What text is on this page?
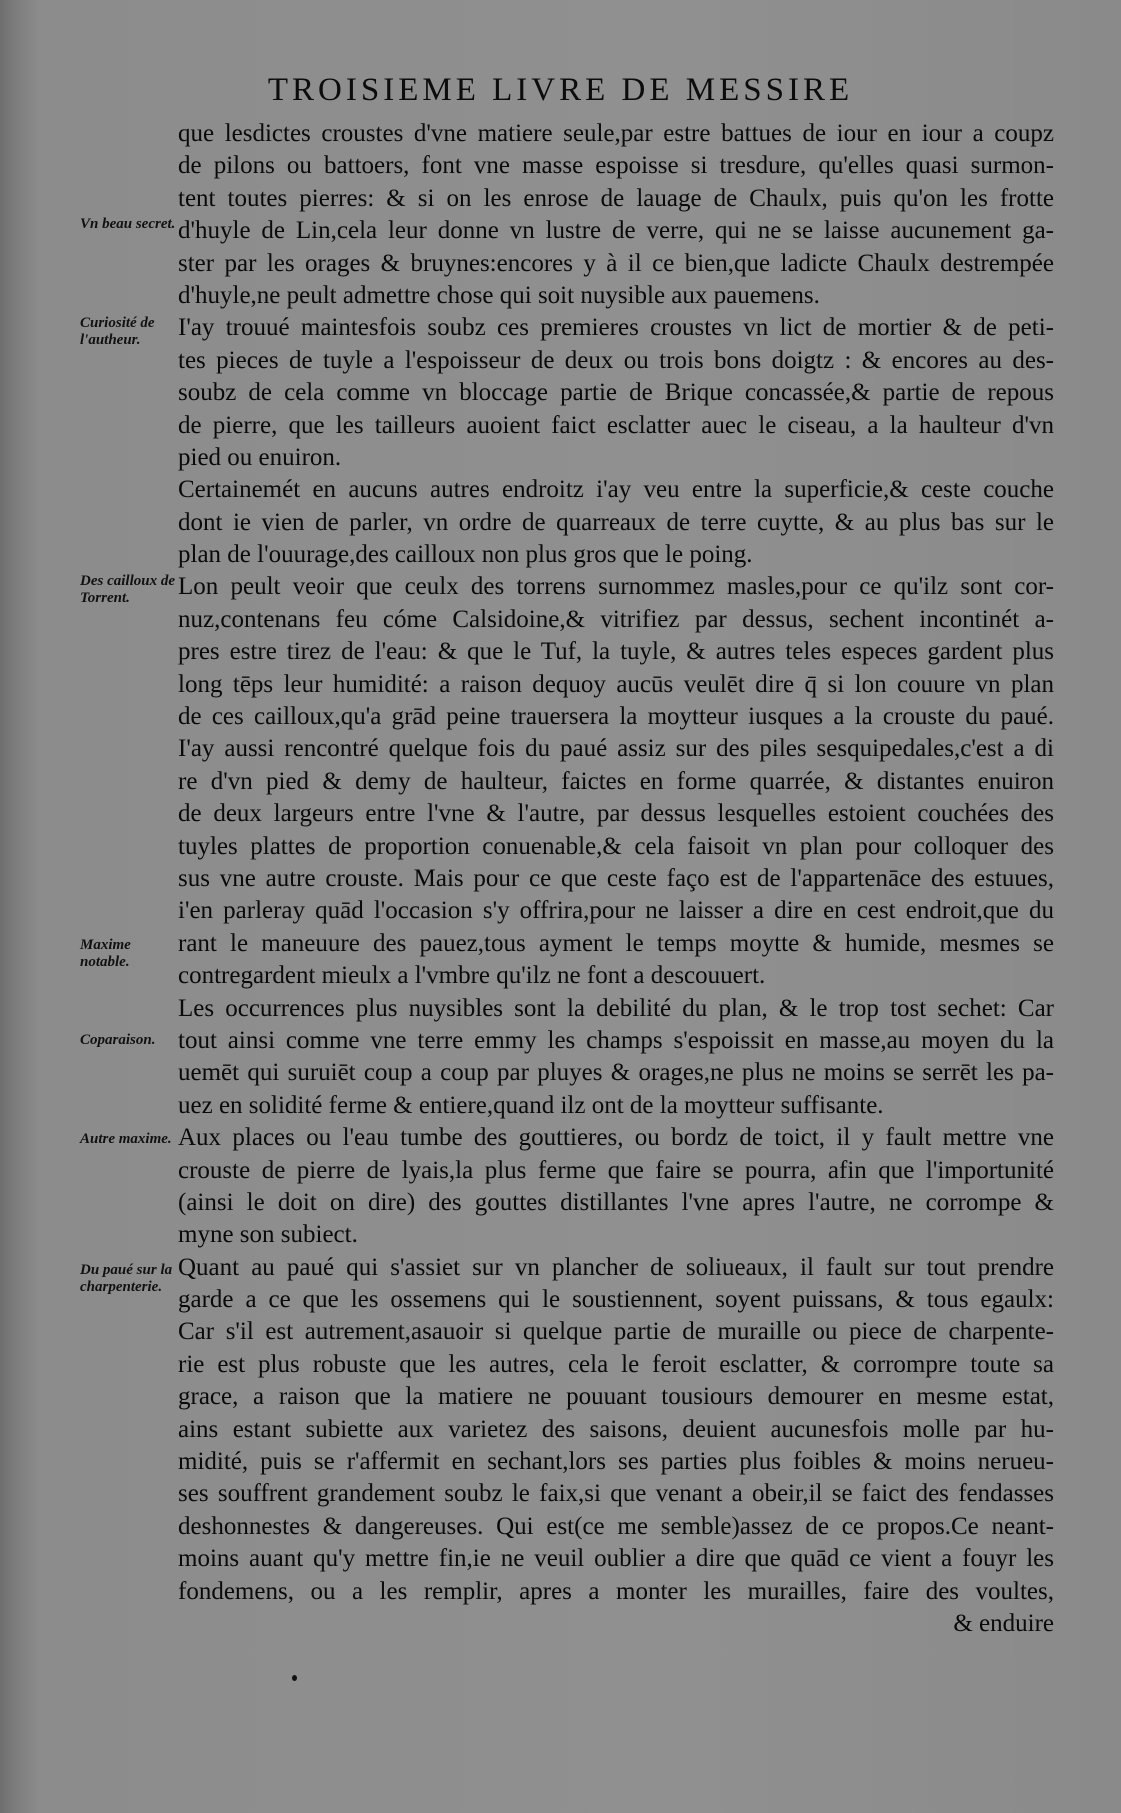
TROISIEME LIVRE DE MESSIRE
Vn beau secret.
Curiosité de l'autheur.
Des cailloux de Torrent.
Maxime notable.
Coparaison.
Autre maxime.
Du paué sur la charpenterie.
que lesdictes croustes d'vne matiere seule,par estre battues de iour en iour a coupz
de pilons ou battoers, font vne masse espoisse si tresdure, qu'elles quasi surmon-
tent toutes pierres: & si on les enrose de lauage de Chaulx, puis qu'on les frotte
d'huyle de Lin,cela leur donne vn lustre de verre, qui ne se laisse aucunement ga-
ster par les orages & bruynes:encores y à il ce bien,que ladicte Chaulx destrempée
d'huyle,ne peult admettre chose qui soit nuysible aux pauemens.
I'ay trouué maintesfois soubz ces premieres croustes vn lict de mortier & de peti-
tes pieces de tuyle a l'espoisseur de deux ou trois bons doigtz : & encores au des-
soubz de cela comme vn bloccage partie de Brique concassée,& partie de repous
de pierre, que les tailleurs auoient faict esclatter auec le ciseau, a la haulteur d'vn
pied ou enuiron.
Certainemét en aucuns autres endroitz i'ay veu entre la superficie,& ceste couche
dont ie vien de parler, vn ordre de quarreaux de terre cuytte, & au plus bas sur le
plan de l'ouurage,des cailloux non plus gros que le poing.
Lon peult veoir que ceulx des torrens surnommez masles,pour ce qu'ilz sont cor-
nuz,contenans feu cóme Calsidoine,& vitrifiez par dessus, sechent incontinét a-
pres estre tirez de l'eau: & que le Tuf, la tuyle, & autres teles especes gardent plus
long tēps leur humidité: a raison dequoy aucūs veulēt dire q̄ si lon couure vn plan
de ces cailloux,qu'a grād peine trauersera la moytteur iusques a la crouste du paué.
I'ay aussi rencontré quelque fois du paué assiz sur des piles sesquipedales,c'est a di
re d'vn pied & demy de haulteur, faictes en forme quarrée, & distantes enuiron
de deux largeurs entre l'vne & l'autre, par dessus lesquelles estoient couchées des
tuyles plattes de proportion conuenable,& cela faisoit vn plan pour colloquer des
sus vne autre crouste. Mais pour ce que ceste faço est de l'appartenāce des estuues,
i'en parleray quād l'occasion s'y offrira,pour ne laisser a dire en cest endroit,que du
rant le maneuure des pauez,tous ayment le temps moytte & humide, mesmes se
contregardent mieulx a l'vmbre qu'ilz ne font a descouuert.
Les occurrences plus nuysibles sont la debilité du plan, & le trop tost sechet: Car
tout ainsi comme vne terre emmy les champs s'espoissit en masse,au moyen du la
uemēt qui suruiēt coup a coup par pluyes & orages,ne plus ne moins se serrēt les pa-
uez en solidité ferme & entiere,quand ilz ont de la moytteur suffisante.
Aux places ou l'eau tumbe des gouttieres, ou bordz de toict, il y fault mettre vne
crouste de pierre de lyais,la plus ferme que faire se pourra, afin que l'importunité
(ainsi le doit on dire) des gouttes distillantes l'vne apres l'autre, ne corrompe &
myne son subiect.
Quant au paué qui s'assiet sur vn plancher de soliueaux, il fault sur tout prendre
garde a ce que les ossemens qui le soustiennent, soyent puissans, & tous egaulx:
Car s'il est autrement,asauoir si quelque partie de muraille ou piece de charpente-
rie est plus robuste que les autres, cela le feroit esclatter, & corrompre toute sa
grace, a raison que la matiere ne pouuant tousiours demourer en mesme estat,
ains estant subiette aux varietez des saisons, deuient aucunesfois molle par hu-
midité, puis se r'affermit en sechant,lors ses parties plus foibles & moins nerueu-
ses souffrent grandement soubz le faix,si que venant a obeir,il se faict des fendasses
deshonnestes & dangereuses. Qui est(ce me semble)assez de ce propos.Ce neant-
moins auant qu'y mettre fin,ie ne veuil oublier a dire que quād ce vient a fouyr les
fondemens, ou a les remplir, apres a monter les murailles, faire des voultes,
& enduire
